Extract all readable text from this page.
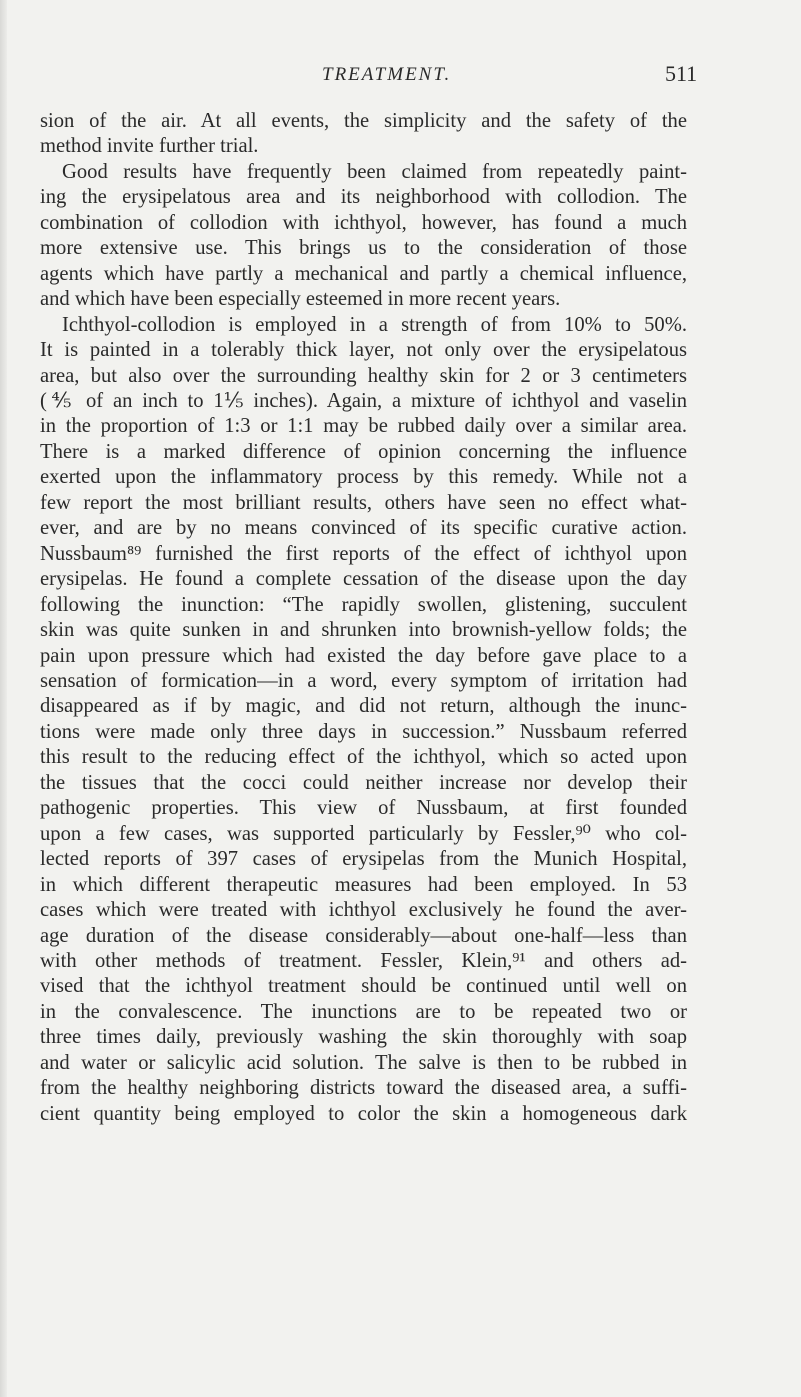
TREATMENT.	511
sion of the air. At all events, the simplicity and the safety of the
method invite further trial.
Good results have frequently been claimed from repeatedly paint-
ing the erysipelatous area and its neighborhood with collodion. The
combination of collodion with ichthyol, however, has found a much
more extensive use. This brings us to the consideration of those
agents which have partly a mechanical and partly a chemical influence,
and which have been especially esteemed in more recent years.
Ichthyol-collodion is employed in a strength of from 10% to 50%.
It is painted in a tolerably thick layer, not only over the erysipelatous
area, but also over the surrounding healthy skin for 2 or 3 centimeters
(⅘ of an inch to 1⅕ inches). Again, a mixture of ichthyol and vaselin
in the proportion of 1:3 or 1:1 may be rubbed daily over a similar area.
There is a marked difference of opinion concerning the influence
exerted upon the inflammatory process by this remedy. While not a
few report the most brilliant results, others have seen no effect what-
ever, and are by no means convinced of its specific curative action.
Nussbaum⁸⁹ furnished the first reports of the effect of ichthyol upon
erysipelas. He found a complete cessation of the disease upon the day
following the inunction: “The rapidly swollen, glistening, succulent
skin was quite sunken in and shrunken into brownish-yellow folds; the
pain upon pressure which had existed the day before gave place to a
sensation of formication—in a word, every symptom of irritation had
disappeared as if by magic, and did not return, although the inunc-
tions were made only three days in succession.” Nussbaum referred
this result to the reducing effect of the ichthyol, which so acted upon
the tissues that the cocci could neither increase nor develop their
pathogenic properties. This view of Nussbaum, at first founded
upon a few cases, was supported particularly by Fessler,⁹⁰ who col-
lected reports of 397 cases of erysipelas from the Munich Hospital,
in which different therapeutic measures had been employed. In 53
cases which were treated with ichthyol exclusively he found the aver-
age duration of the disease considerably—about one-half—less than
with other methods of treatment. Fessler, Klein,⁹¹ and others ad-
vised that the ichthyol treatment should be continued until well on
in the convalescence. The inunctions are to be repeated two or
three times daily, previously washing the skin thoroughly with soap
and water or salicylic acid solution. The salve is then to be rubbed in
from the healthy neighboring districts toward the diseased area, a suffi-
cient quantity being employed to color the skin a homogeneous dark
